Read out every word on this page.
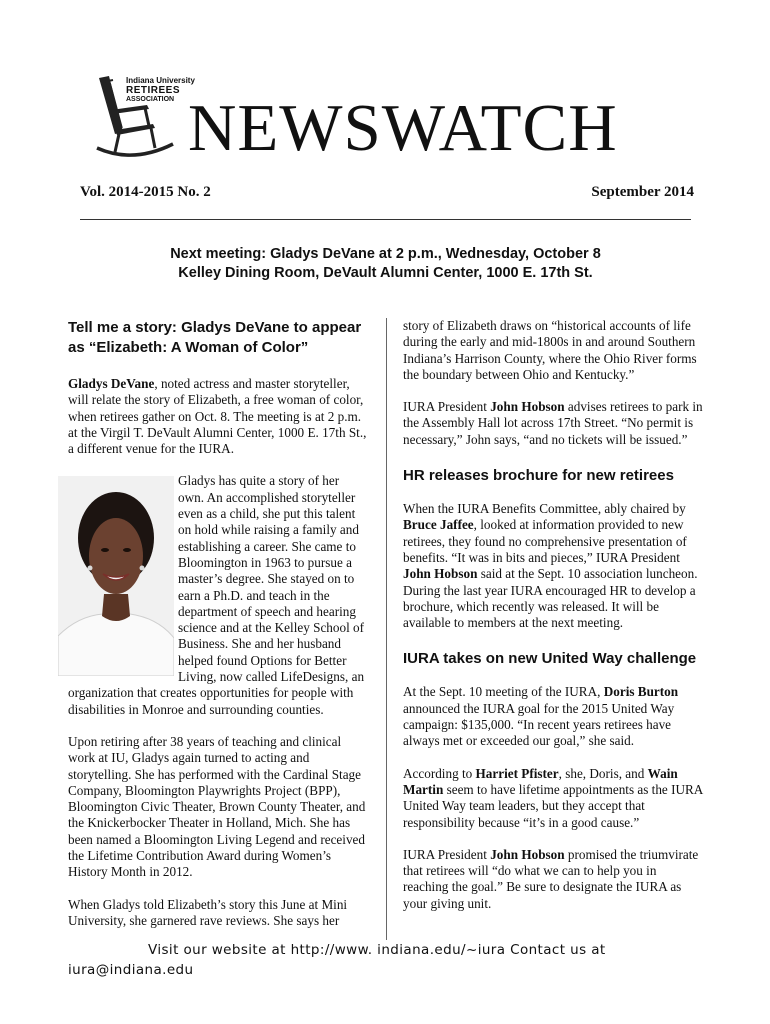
Indiana University
RETIREES
ASSOCIATION NEWSWATCH
Vol. 2014-2015 No. 2	September 2014
Next meeting: Gladys DeVane at 2 p.m., Wednesday, October 8
Kelley Dining Room, DeVault Alumni Center, 1000 E. 17th St.
Tell me a story: Gladys DeVane to appear as “Elizabeth: A Woman of Color”

Gladys DeVane, noted actress and master storyteller, will relate the story of Elizabeth, a free woman of color, when retirees gather on Oct. 8. The meeting is at 2 p.m. at the Virgil T. DeVault Alumni Center, 1000 E. 17th St., a different venue for the IURA.

Gladys has quite a story of her own. An accomplished storyteller even as a child, she put this talent on hold while raising a family and establishing a career. She came to Bloomington in 1963 to pursue a master’s degree. She stayed on to earn a Ph.D. and teach in the department of speech and hearing science and at the Kelley School of Business. She and her husband helped found Options for Better Living, now called LifeDesigns, an organization that creates opportunities for people with disabilities in Monroe and surrounding counties.

Upon retiring after 38 years of teaching and clinical work at IU, Gladys again turned to acting and storytelling. She has performed with the Cardinal Stage Company, Bloomington Playwrights Project (BPP), Bloomington Civic Theater, Brown County Theater, and the Knickerbocker Theater in Holland, Mich. She has been named a Bloomington Living Legend and received the Lifetime Contribution Award during Women’s History Month in 2012.

When Gladys told Elizabeth’s story this June at Mini University, she garnered rave reviews. She says her

story of Elizabeth draws on “historical accounts of life during the early and mid-1800s in and around Southern Indiana’s Harrison County, where the Ohio River forms the boundary between Ohio and Kentucky.”

IURA President John Hobson advises retirees to park in the Assembly Hall lot across 17th Street. “No permit is necessary,” John says, “and no tickets will be issued.”

HR releases brochure for new retirees

When the IURA Benefits Committee, ably chaired by Bruce Jaffee, looked at information provided to new retirees, they found no comprehensive presentation of benefits. “It was in bits and pieces,” IURA President John Hobson said at the Sept. 10 association luncheon. During the last year IURA encouraged HR to develop a brochure, which recently was released. It will be available to members at the next meeting.

IURA takes on new United Way challenge

At the Sept. 10 meeting of the IURA, Doris Burton announced the IURA goal for the 2015 United Way campaign: $135,000. “In recent years retirees have always met or exceeded our goal,” she said.

According to Harriet Pfister, she, Doris, and Wain Martin seem to have lifetime appointments as the IURA United Way team leaders, but they accept that responsibility because “it’s in a good cause.”

IURA President John Hobson promised the triumvirate that retirees will “do what we can to help you in reaching the goal.” Be sure to designate the IURA as your giving unit.

Visit our website at http://www. indiana.edu/~iura Contact us at
iura@indiana.edu
